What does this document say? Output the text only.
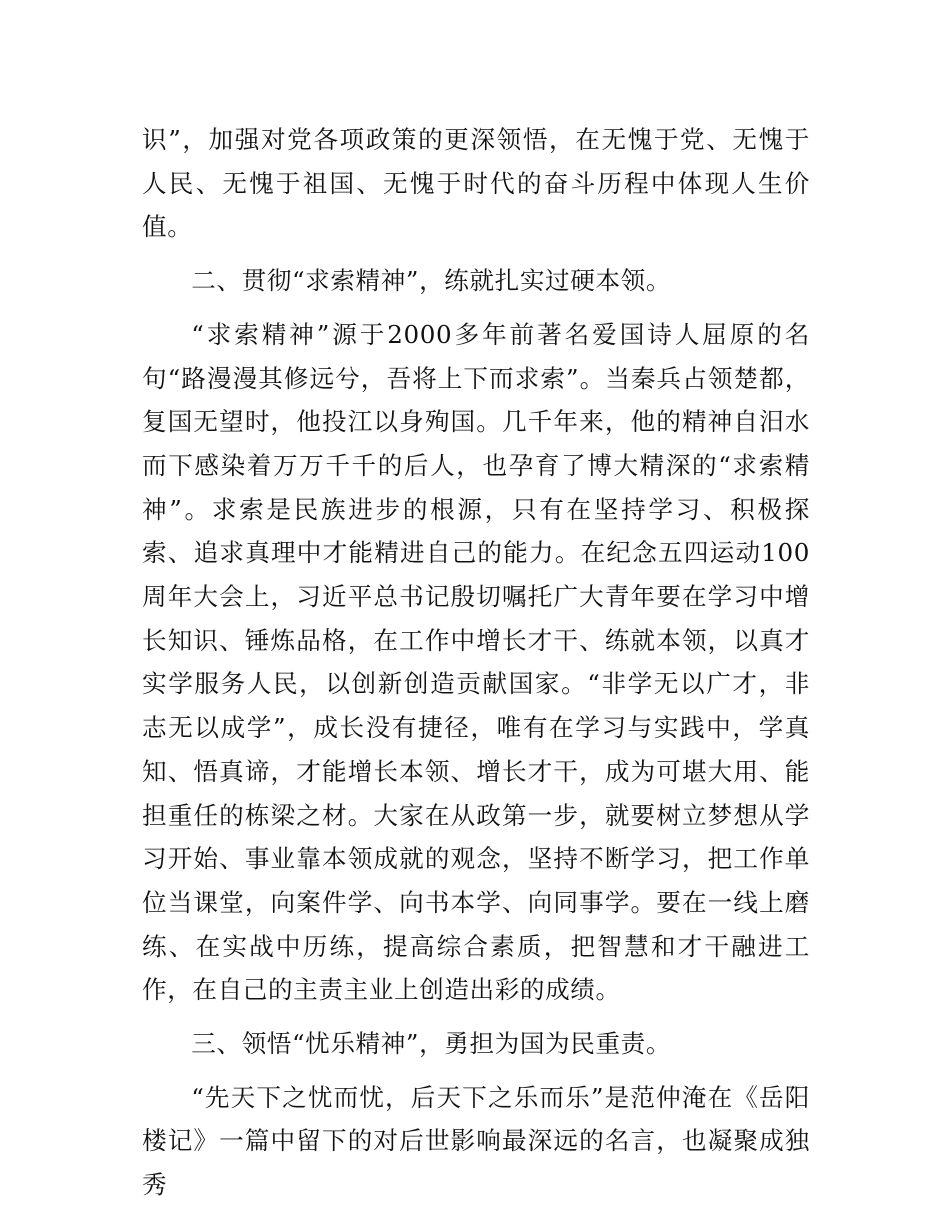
识”，加强对党各项政策的更深领悟，在无愧于党、无愧于人民、无愧于祖国、无愧于时代的奋斗历程中体现人生价值。

二、贯彻“求索精神”，练就扎实过硬本领。

“求索精神”源于2000多年前著名爱国诗人屈原的名句“路漫漫其修远兮，吾将上下而求索”。当秦兵占领楚都，复国无望时，他投江以身殉国。几千年来，他的精神自汨水而下感染着万万千千的后人，也孕育了博大精深的“求索精神”。求索是民族进步的根源，只有在坚持学习、积极探索、追求真理中才能精进自己的能力。在纪念五四运动100周年大会上，习近平总书记殷切嘱托广大青年要在学习中增长知识、锤炼品格，在工作中增长才干、练就本领，以真才实学服务人民，以创新创造贡献国家。“非学无以广才，非志无以成学”，成长没有捷径，唯有在学习与实践中，学真知、悟真谛，才能增长本领、增长才干，成为可堪大用、能担重任的栋梁之材。大家在从政第一步，就要树立梦想从学习开始、事业靠本领成就的观念，坚持不断学习，把工作单位当课堂，向案件学、向书本学、向同事学。要在一线上磨练、在实战中历练，提高综合素质，把智慧和才干融进工作，在自己的主责主业上创造出彩的成绩。

三、领悟“忧乐精神”，勇担为国为民重责。

“先天下之忧而忧，后天下之乐而乐”是范仲淹在《岳阳楼记》一篇中留下的对后世影响最深远的名言，也凝聚成独秀
